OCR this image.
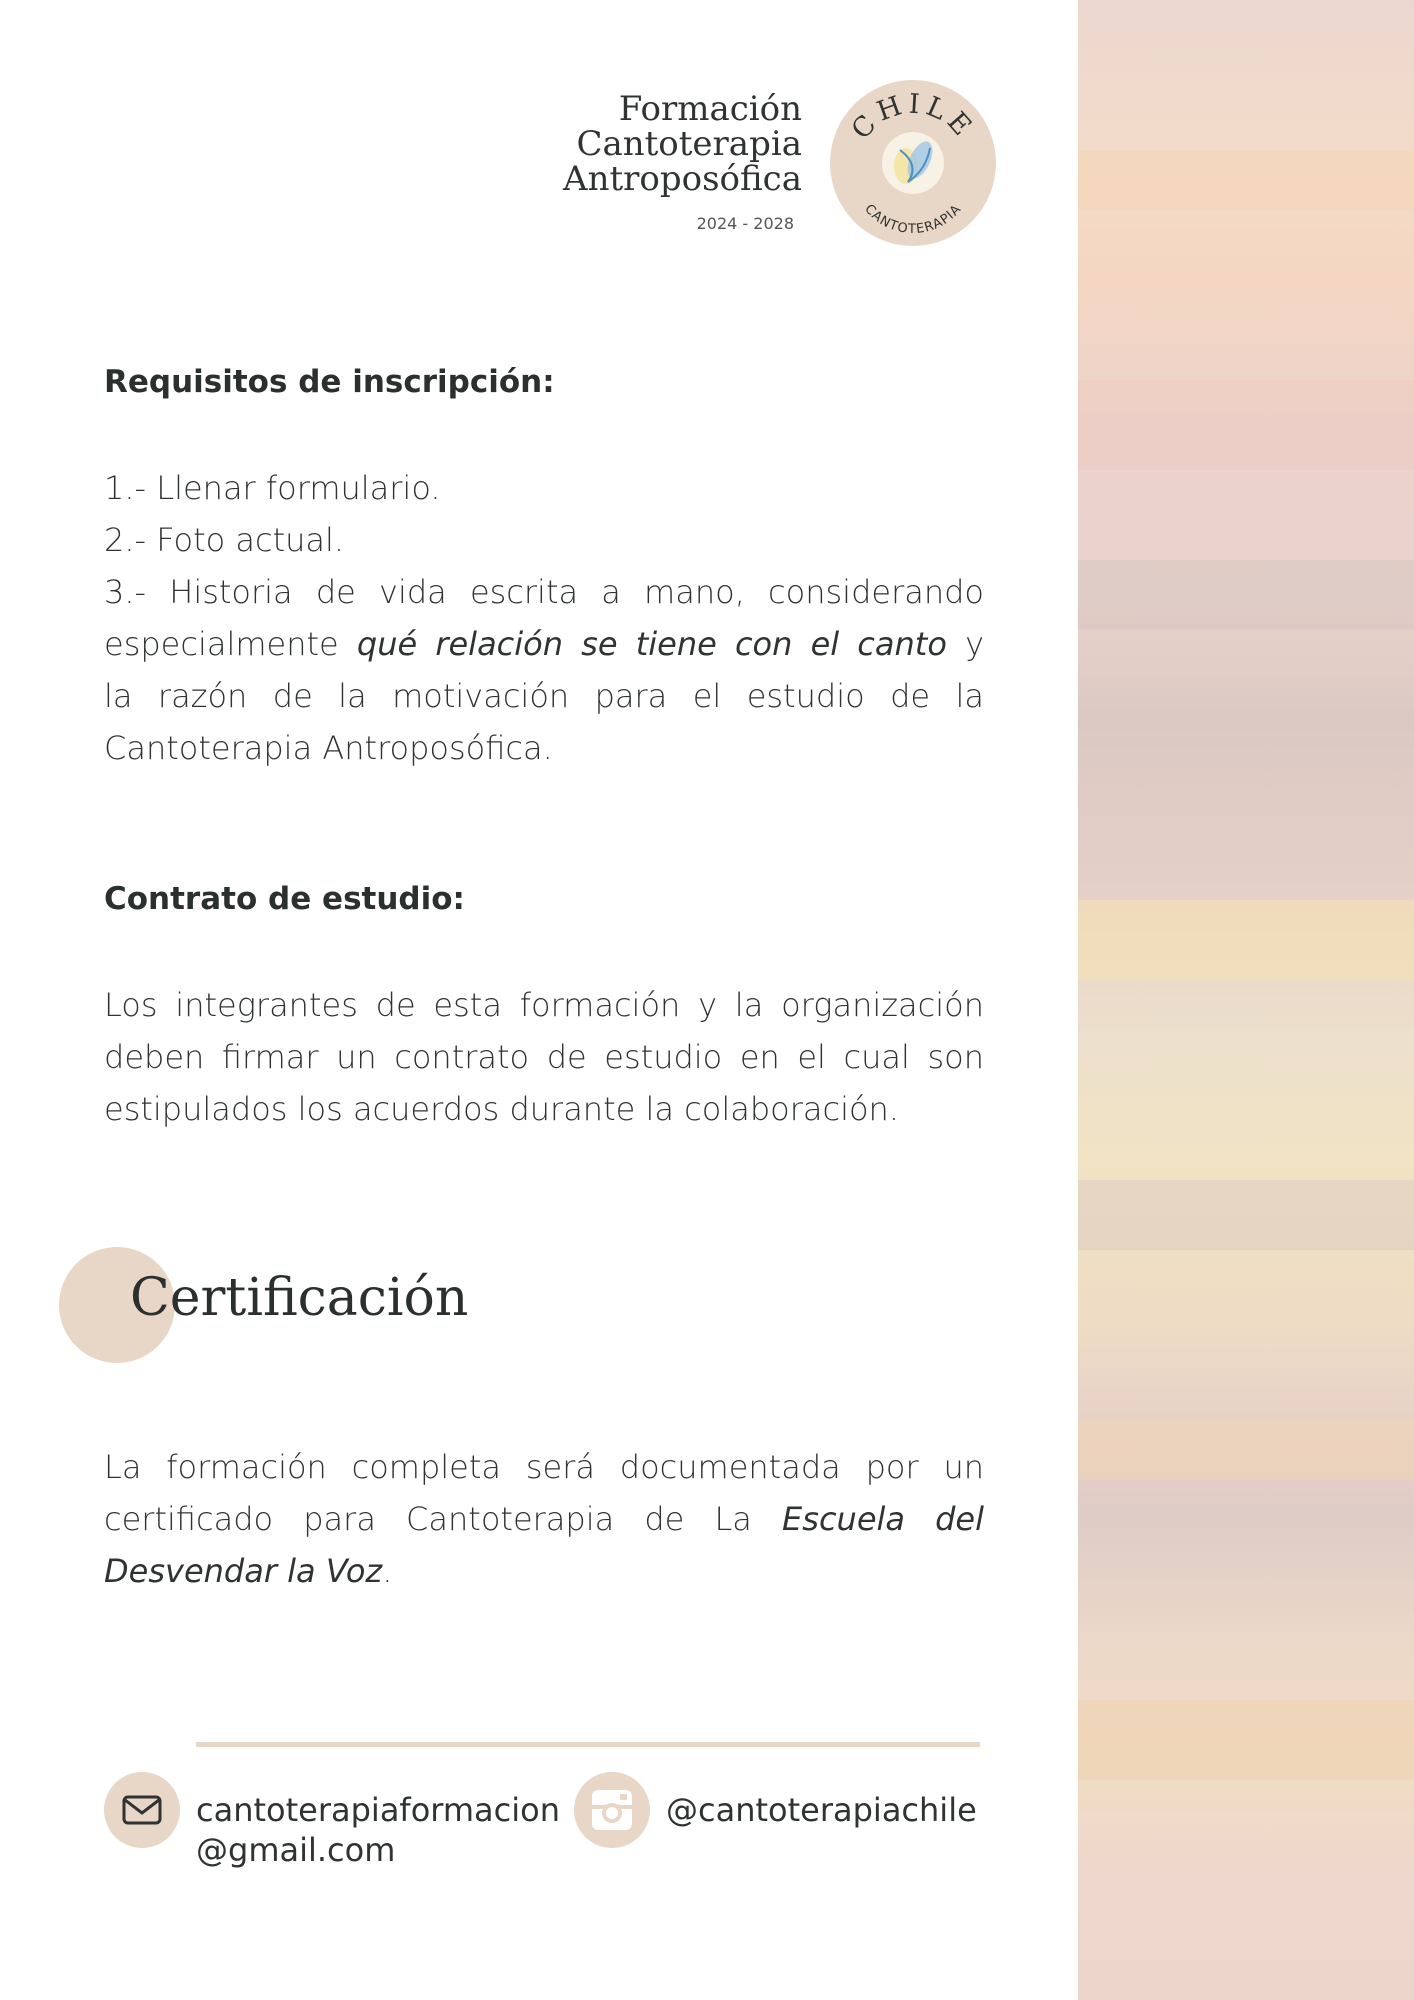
Formación
Cantoterapia
Antroposófica
2024 - 2028
CHILE
CANTOTERAPIA
Requisitos de inscripción:
1.- Llenar formulario.
2.- Foto actual.
3.- Historia de vida escrita a mano, considerando
especialmente qué relación se tiene con el canto y
la razón de la motivación para el estudio de la
Cantoterapia Antroposófica.
Contrato de estudio:
Los integrantes de esta formación y la organización
deben firmar un contrato de estudio en el cual son
estipulados los acuerdos durante la colaboración.
Certificación
La formación completa será documentada por un
certificado para Cantoterapia de La Escuela del
Desvendar la Voz.
cantoterapiaformacion
@gmail.com
@cantoterapiachile
